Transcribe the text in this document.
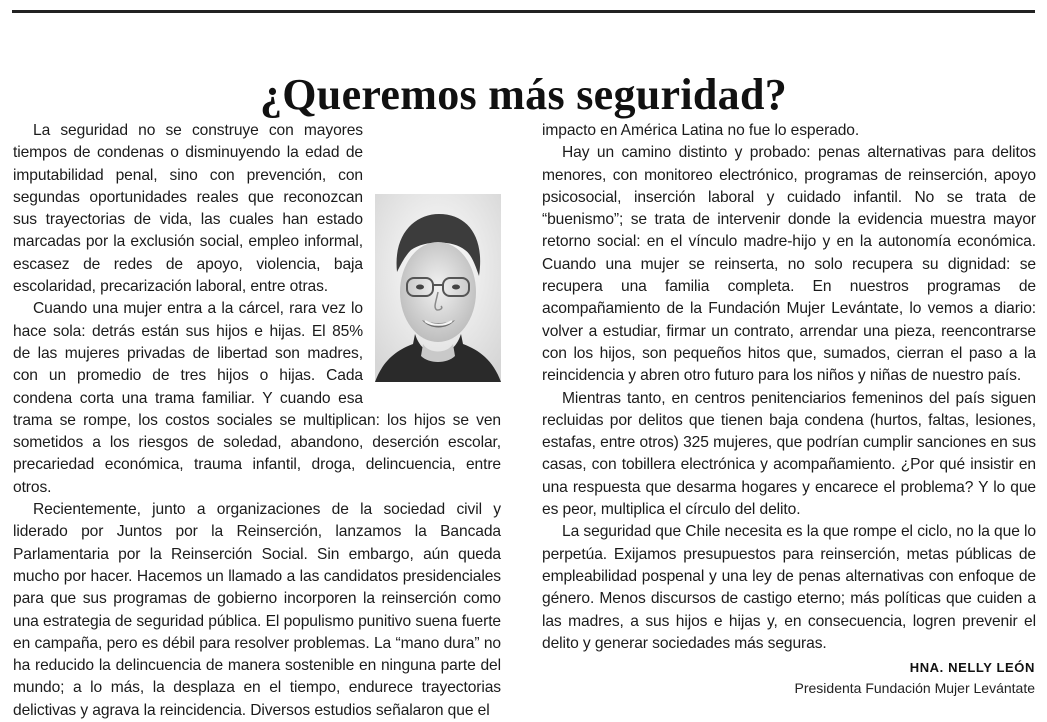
¿Queremos más seguridad?

La seguridad no se construye con mayores tiempos de condenas o disminuyendo la edad de imputabilidad penal, sino con prevención, con segundas oportunidades reales que reconozcan sus trayectorias de vida, las cuales han estado marcadas por la exclusión social, empleo informal, escasez de redes de apoyo, violencia, baja escolaridad, precarización laboral, entre otras.

Cuando una mujer entra a la cárcel, rara vez lo hace sola: detrás están sus hijos e hijas. El 85% de las mujeres privadas de libertad son madres, con un promedio de tres hijos o hijas. Cada condena corta una trama familiar. Y cuando esa trama se rompe, los costos sociales se multiplican: los hijos se ven sometidos a los riesgos de soledad, abandono, deserción escolar, precariedad económica, trauma infantil, droga, delincuencia, entre otros.

Recientemente, junto a organizaciones de la sociedad civil y liderado por Juntos por la Reinserción, lanzamos la Bancada Parlamentaria por la Reinserción Social. Sin embargo, aún queda mucho por hacer. Hacemos un llamado a las candidatos presidenciales para que sus programas de gobierno incorporen la reinserción como una estrategia de seguridad pública. El populismo punitivo suena fuerte en campaña, pero es débil para resolver problemas. La “mano dura” no ha reducido la delincuencia de manera sostenible en ninguna parte del mundo; a lo más, la desplaza en el tiempo, endurece trayectorias delictivas y agrava la reincidencia. Diversos estudios señalaron que el

impacto en América Latina no fue lo esperado.

Hay un camino distinto y probado: penas alternativas para delitos menores, con monitoreo electrónico, programas de reinserción, apoyo psicosocial, inserción laboral y cuidado infantil. No se trata de “buenismo”; se trata de intervenir donde la evidencia muestra mayor retorno social: en el vínculo madre-hijo y en la autonomía económica. Cuando una mujer se reinserta, no solo recupera su dignidad: se recupera una familia completa. En nuestros programas de acompañamiento de la Fundación Mujer Levántate, lo vemos a diario: volver a estudiar, firmar un contrato, arrendar una pieza, reencontrarse con los hijos, son pequeños hitos que, sumados, cierran el paso a la reincidencia y abren otro futuro para los niños y niñas de nuestro país.

Mientras tanto, en centros penitenciarios femeninos del país siguen recluidas por delitos que tienen baja condena (hurtos, faltas, lesiones, estafas, entre otros) 325 mujeres, que podrían cumplir sanciones en sus casas, con tobillera electrónica y acompañamiento. ¿Por qué insistir en una respuesta que desarma hogares y encarece el problema? Y lo que es peor, multiplica el círculo del delito.

La seguridad que Chile necesita es la que rompe el ciclo, no la que lo perpetúa. Exijamos presupuestos para reinserción, metas públicas de empleabilidad pospenal y una ley de penas alternativas con enfoque de género. Menos discursos de castigo eterno; más políticas que cuiden a las madres, a sus hijos e hijas y, en consecuencia, logren prevenir el delito y generar sociedades más seguras.

HNA. NELLY LEÓN
Presidenta Fundación Mujer Levántate
